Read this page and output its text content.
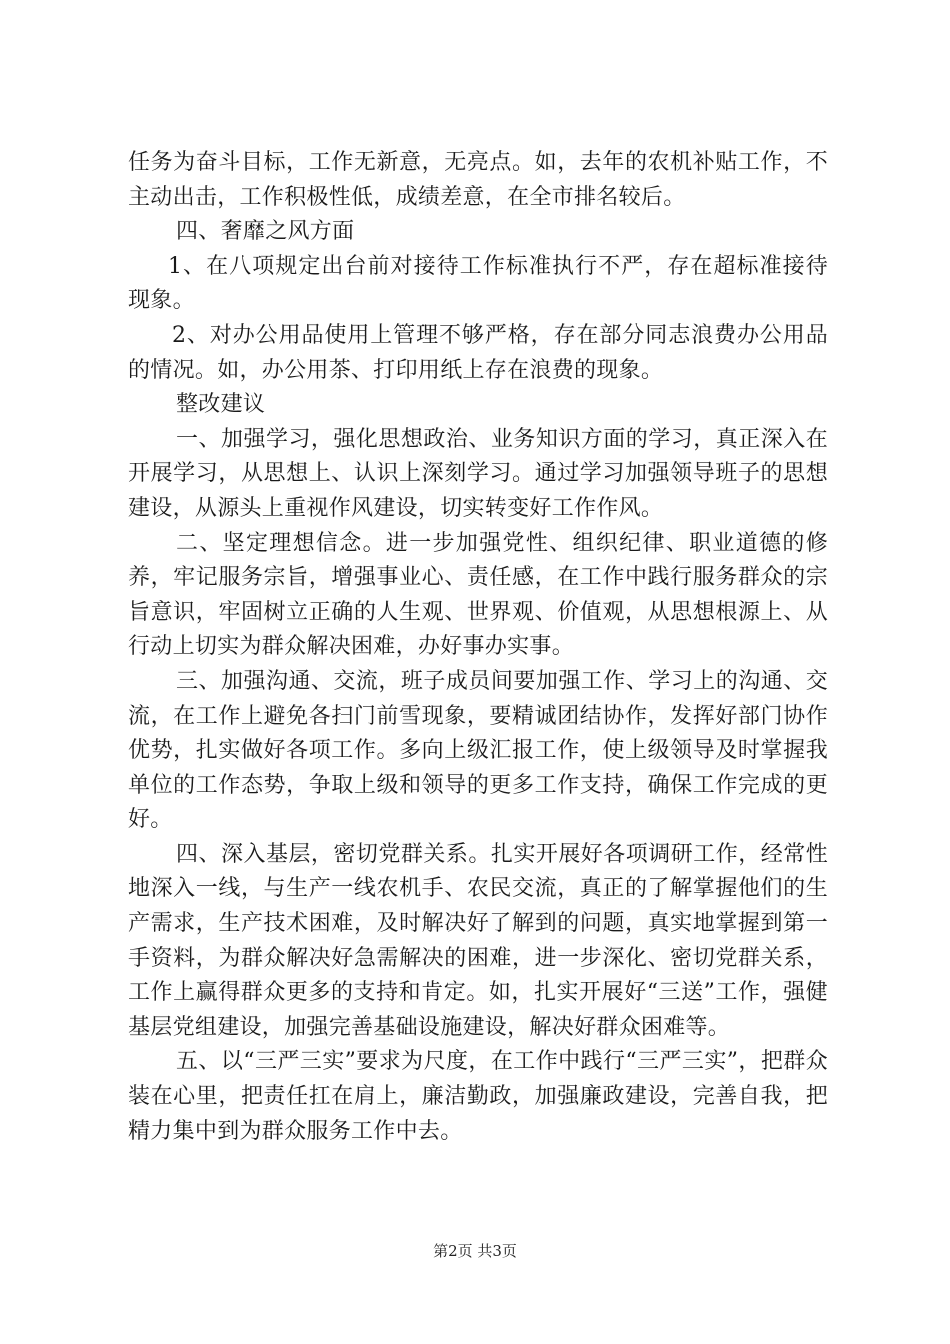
任务为奋斗目标，工作无新意，无亮点。如，去年的农机补贴工作，不主动出击，工作积极性低，成绩差意，在全市排名较后。

四、奢靡之风方面

1、在八项规定出台前对接待工作标准执行不严，存在超标准接待现象。

2、对办公用品使用上管理不够严格，存在部分同志浪费办公用品的情况。如，办公用茶、打印用纸上存在浪费的现象。

整改建议

一、加强学习，强化思想政治、业务知识方面的学习，真正深入在开展学习，从思想上、认识上深刻学习。通过学习加强领导班子的思想建设，从源头上重视作风建设，切实转变好工作作风。

二、坚定理想信念。进一步加强党性、组织纪律、职业道德的修养，牢记服务宗旨，增强事业心、责任感，在工作中践行服务群众的宗旨意识，牢固树立正确的人生观、世界观、价值观，从思想根源上、从行动上切实为群众解决困难，办好事办实事。

三、加强沟通、交流，班子成员间要加强工作、学习上的沟通、交流，在工作上避免各扫门前雪现象，要精诚团结协作，发挥好部门协作优势，扎实做好各项工作。多向上级汇报工作，使上级领导及时掌握我单位的工作态势，争取上级和领导的更多工作支持，确保工作完成的更好。

四、深入基层，密切党群关系。扎实开展好各项调研工作，经常性地深入一线，与生产一线农机手、农民交流，真正的了解掌握他们的生产需求，生产技术困难，及时解决好了解到的问题，真实地掌握到第一手资料，为群众解决好急需解决的困难，进一步深化、密切党群关系，工作上赢得群众更多的支持和肯定。如，扎实开展好“三送”工作，强健基层党组建设，加强完善基础设施建设，解决好群众困难等。

五、以“三严三实”要求为尺度，在工作中践行“三严三实”，把群众装在心里，把责任扛在肩上，廉洁勤政，加强廉政建设，完善自我，把精力集中到为群众服务工作中去。

第2页 共3页
